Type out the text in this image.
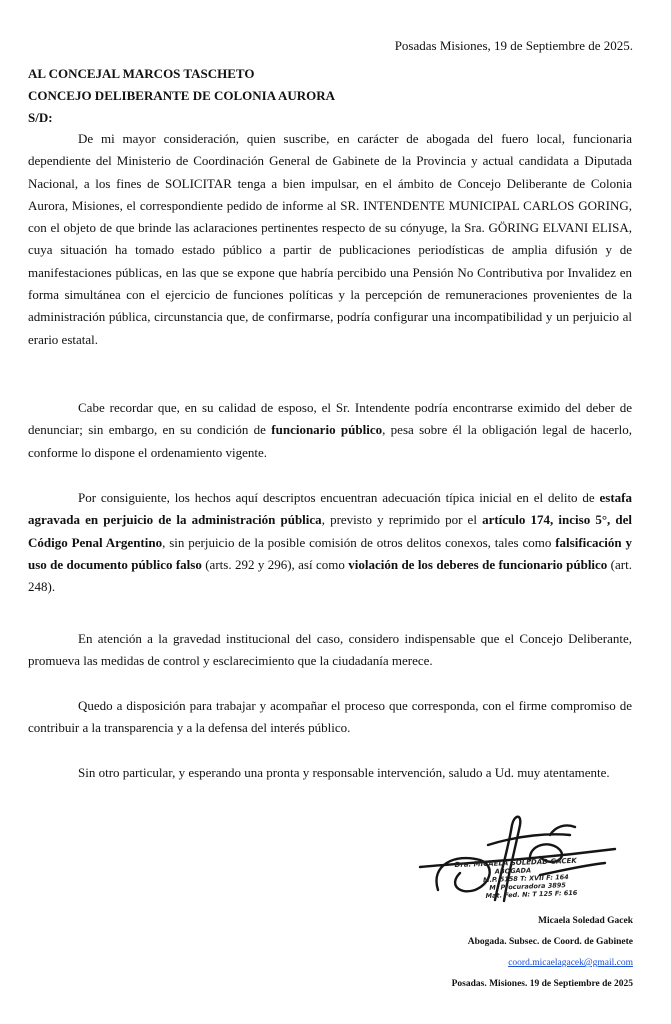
Posadas Misiones, 19 de Septiembre de 2025.
AL CONCEJAL MARCOS TASCHETO
CONCEJO DELIBERANTE DE COLONIA AURORA
S/D:
De mi mayor consideración, quien suscribe, en carácter de abogada del fuero local, funcionaria dependiente del Ministerio de Coordinación General de Gabinete de la Provincia y actual candidata a Diputada Nacional, a los fines de SOLICITAR tenga a bien impulsar, en el ámbito de Concejo Deliberante de Colonia Aurora, Misiones, el correspondiente pedido de informe al SR. INTENDENTE MUNICIPAL CARLOS GORING, con el objeto de que brinde las aclaraciones pertinentes respecto de su cónyuge, la Sra. GÖRING ELVANI ELISA, cuya situación ha tomado estado público a partir de publicaciones periodísticas de amplia difusión y de manifestaciones públicas, en las que se expone que habría percibido una Pensión No Contributiva por Invalidez en forma simultánea con el ejercicio de funciones políticas y la percepción de remuneraciones provenientes de la administración pública, circunstancia que, de confirmarse, podría configurar una incompatibilidad y un perjuicio al erario estatal.
Cabe recordar que, en su calidad de esposo, el Sr. Intendente podría encontrarse eximido del deber de denunciar; sin embargo, en su condición de funcionario público, pesa sobre él la obligación legal de hacerlo, conforme lo dispone el ordenamiento vigente.
Por consiguiente, los hechos aquí descriptos encuentran adecuación típica inicial en el delito de estafa agravada en perjuicio de la administración pública, previsto y reprimido por el artículo 174, inciso 5°, del Código Penal Argentino, sin perjuicio de la posible comisión de otros delitos conexos, tales como falsificación y uso de documento público falso (arts. 292 y 296), así como violación de los deberes de funcionario público (art. 248).
En atención a la gravedad institucional del caso, considero indispensable que el Concejo Deliberante, promueva las medidas de control y esclarecimiento que la ciudadanía merece.
Quedo a disposición para trabajar y acompañar el proceso que corresponda, con el firme compromiso de contribuir a la transparencia y a la defensa del interés público.
Sin otro particular, y esperando una pronta y responsable intervención, saludo a Ud. muy atentamente.
Dra. MICAELA SOLEDAD GACEK
ABOGADA
M.P. 5158 T: XVII F: 164
M. Procuradora 3895
Mat. Fed. N: T 125 F: 616
Micaela Soledad Gacek
Abogada. Subsec. de Coord. de Gabinete
coord.micaelagacek@gmail.com
Posadas. Misiones. 19 de Septiembre de 2025
